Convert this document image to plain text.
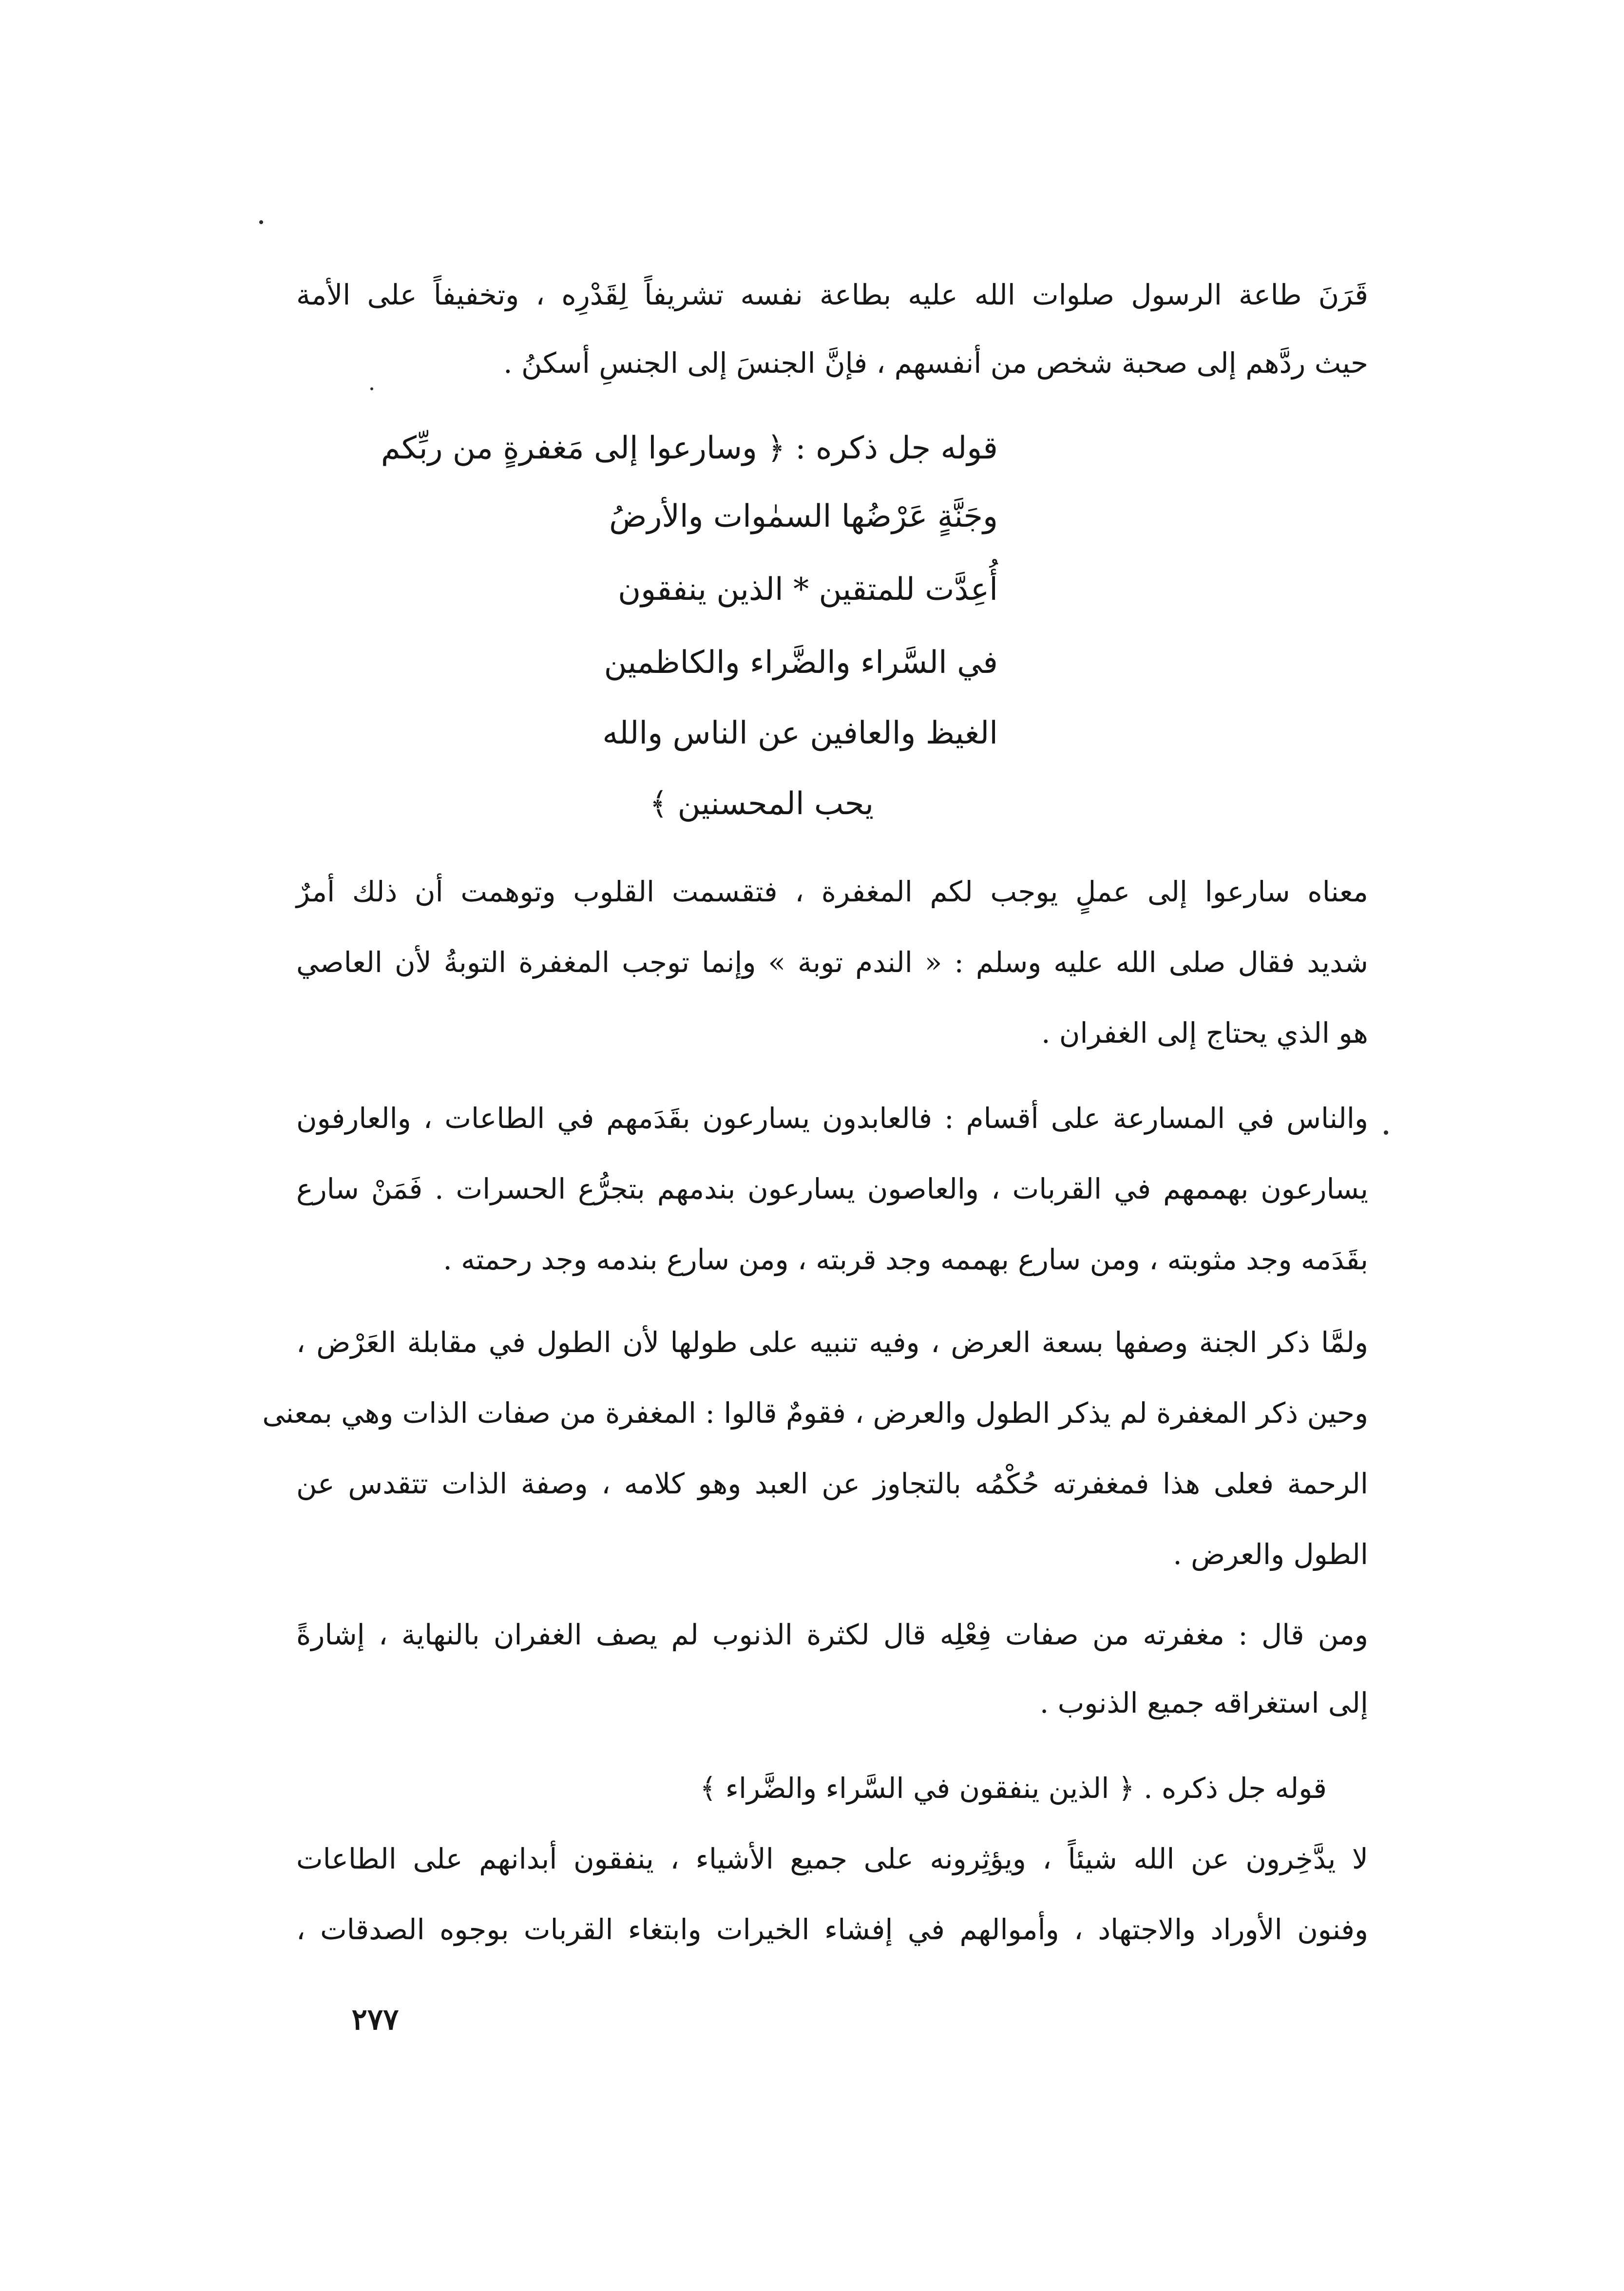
قَرَنَ طاعة الرسول صلوات الله عليه بطاعة نفسه تشريفاً لِقَدْرِه ، وتخفيفاً على الأمة
حيث ردَّهم إلى صحبة شخص من أنفسهم ، فإنَّ الجنسَ إلى الجنسِ أسكنُ .
قوله جل ذكره : ﴿ وسارعوا إلى مَغفرةٍ من ربِّكم
وجَنَّةٍ عَرْضُها السمٰوات والأرضُ
أُعِدَّت للمتقين * الذين ينفقون
في السَّراء والضَّراء والكاظمين
الغيظ والعافين عن الناس والله
يحب المحسنين ﴾
معناه سارعوا إلى عملٍ يوجب لكم المغفرة ، فتقسمت القلوب وتوهمت أن ذلك أمرٌ
شديد فقال صلى الله عليه وسلم : « الندم توبة » وإنما توجب المغفرة التوبةُ لأن العاصي
هو الذي يحتاج إلى الغفران .
والناس في المسارعة على أقسام : فالعابدون يسارعون بقَدَمهم في الطاعات ، والعارفون
يسارعون بهممهم في القربات ، والعاصون يسارعون بندمهم بتجرُّع الحسرات . فَمَنْ سارع
بقَدَمه وجد مثوبته ، ومن سارع بهممه وجد قربته ، ومن سارع بندمه وجد رحمته .
ولمَّا ذكر الجنة وصفها بسعة العرض ، وفيه تنبيه على طولها لأن الطول في مقابلة العَرْض ،
وحين ذكر المغفرة لم يذكر الطول والعرض ، فقومٌ قالوا : المغفرة من صفات الذات وهي بمعنى
الرحمة فعلى هذا فمغفرته حُكْمُه بالتجاوز عن العبد وهو كلامه ، وصفة الذات تتقدس عن
الطول والعرض .
ومن قال : مغفرته من صفات فِعْلِه قال لكثرة الذنوب لم يصف الغفران بالنهاية ، إشارةً
إلى استغراقه جميع الذنوب .
قوله جل ذكره . ﴿ الذين ينفقون في السَّراء والضَّراء ﴾
لا يدَّخِرون عن الله شيئاً ، ويؤثِرونه على جميع الأشياء ، ينفقون أبدانهم على الطاعات
وفنون الأوراد والاجتهاد ، وأموالهم في إفشاء الخيرات وابتغاء القربات بوجوه الصدقات ،
٢٧٧
